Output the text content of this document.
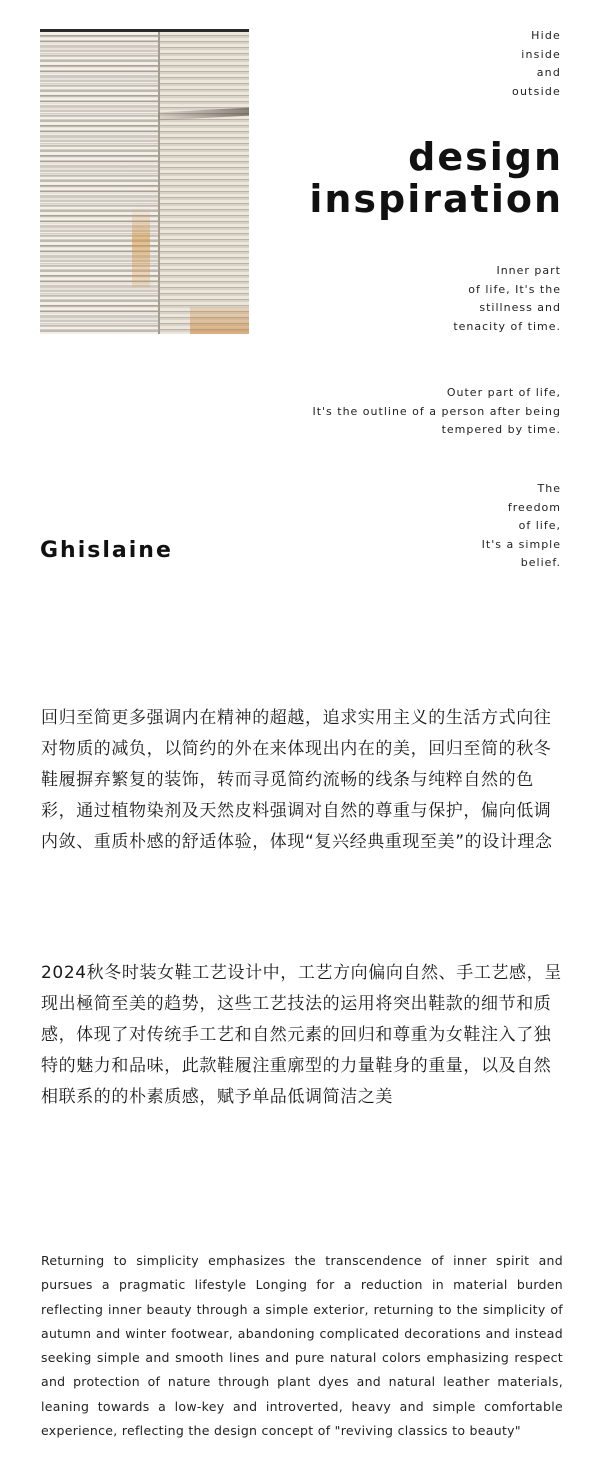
Hide
inside
and
outside
design
inspiration
Inner part
of life, It's the
stillness and
tenacity of time.
Outer part of life,
It's the outline of a person after being
tempered by time.
The
freedom
of life,
It's a simple
belief.
Ghislaine

回归至简更多强调内在精神的超越，追求实用主义的生活方式向往对物质的减负，以简约的外在来体现出内在的美，回归至简的秋冬鞋履摒弃繁复的装饰，转而寻觅简约流畅的线条与纯粹自然的色彩，通过植物染剂及天然皮料强调对自然的尊重与保护，偏向低调内敛、重质朴感的舒适体验，体现“复兴经典重现至美”的设计理念

2024秋冬时装女鞋工艺设计中，工艺方向偏向自然、手工艺感，呈现出極简至美的趋势，这些工艺技法的运用将突出鞋款的细节和质感，体现了对传统手工艺和自然元素的回归和尊重为女鞋注入了独特的魅力和品味，此款鞋履注重廓型的力量鞋身的重量，以及自然相联系的的朴素质感，赋予单品低调简洁之美

Returning to simplicity emphasizes the transcendence of inner spirit and pursues a pragmatic lifestyle Longing for a reduction in material burden reflecting inner beauty through a simple exterior, returning to the simplicity of autumn and winter footwear, abandoning complicated decorations and instead seeking simple and smooth lines and pure natural colors emphasizing respect and protection of nature through plant dyes and natural leather materials, leaning towards a low-key and introverted, heavy and simple comfortable experience, reflecting the design concept of "reviving classics to beauty"
